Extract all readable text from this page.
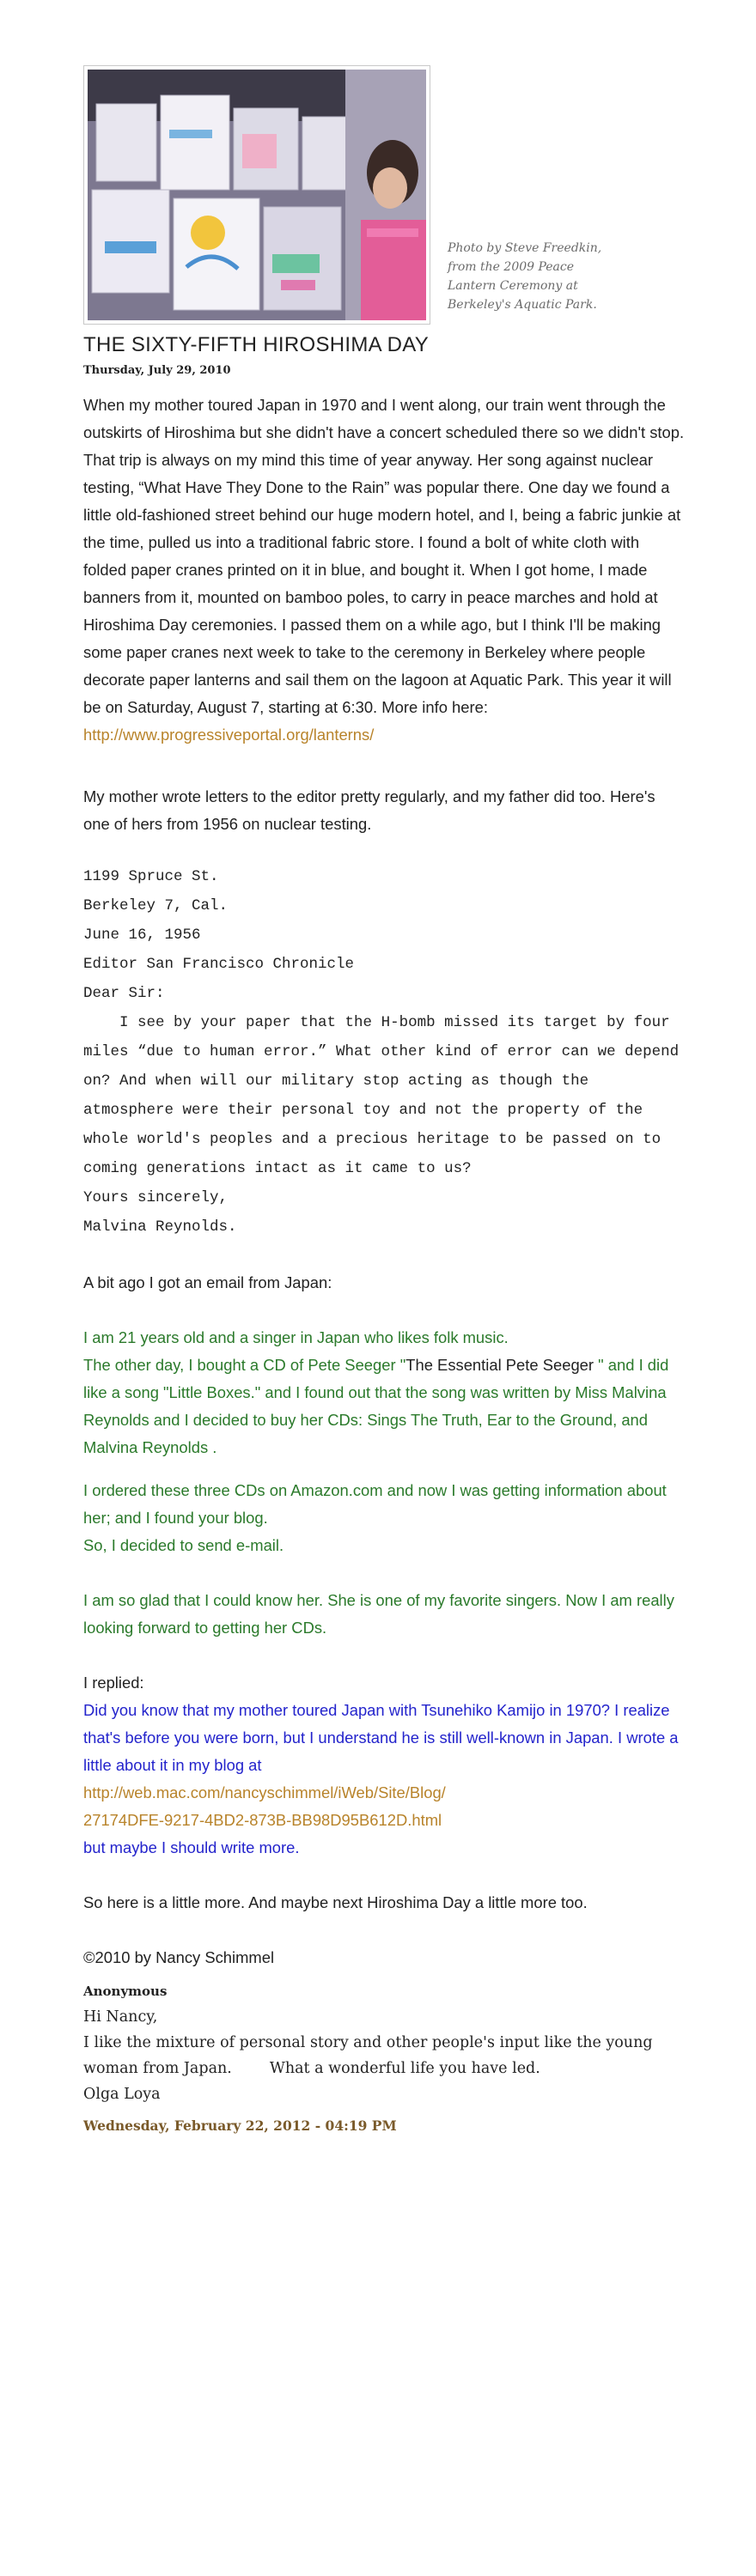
Photo by Steve Freedkin,
from the 2009 Peace
Lantern Ceremony at
Berkeley's Aquatic Park.
THE SIXTY-FIFTH HIROSHIMA DAY
Thursday, July 29, 2010

When my mother toured Japan in 1970 and I went along, our train went through the outskirts of Hiroshima but she didn't have a concert scheduled there so we didn't stop. That trip is always on my mind this time of year anyway. Her song against nuclear testing, “What Have They Done to the Rain” was popular there. One day we found a little old-fashioned street behind our huge modern hotel, and I, being a fabric junkie at the time, pulled us into a traditional fabric store. I found a bolt of white cloth with folded paper cranes printed on it in blue, and bought it. When I got home, I made banners from it, mounted on bamboo poles, to carry in peace marches and hold at Hiroshima Day ceremonies. I passed them on a while ago, but I think I'll be making some paper cranes next week to take to the ceremony in Berkeley where people decorate paper lanterns and sail them on the lagoon at Aquatic Park. This year it will be on Saturday, August 7, starting at 6:30. More info here: http://www.progressiveportal.org/lanterns/

My mother wrote letters to the editor pretty regularly, and my father did too. Here's one of hers from 1956 on nuclear testing.

1199 Spruce St.
Berkeley 7, Cal.
June 16, 1956
Editor San Francisco Chronicle
Dear Sir:
I see by your paper that the H-bomb missed its target by four miles “due to human error.” What other kind of error can we depend on? And when will our military stop acting as though the atmosphere were their personal toy and not the property of the whole world's peoples and a precious heritage to be passed on to coming generations intact as it came to us?
Yours sincerely,
Malvina Reynolds.

A bit ago I got an email from Japan:

I am 21 years old and a singer in Japan who likes folk music.

The other day, I bought a CD of Pete Seeger "The Essential Pete Seeger " and I did like a song "Little Boxes." and I found out that the song was written by Miss Malvina Reynolds and I decided to buy her CDs: Sings The Truth, Ear to the Ground, and Malvina Reynolds .

I ordered these three CDs on Amazon.com and now I was getting information about her; and I found your blog.

So, I decided to send e-mail.

I am so glad that I could know her. She is one of my favorite singers. Now I am really looking forward to getting her CDs.

I replied:

Did you know that my mother toured Japan with Tsunehiko Kamijo in 1970? I realize that's before you were born, but I understand he is still well-known in Japan. I wrote a little about it in my blog at

http://web.mac.com/nancyschimmel/iWeb/Site/Blog/

27174DFE-9217-4BD2-873B-BB98D95B612D.html

but maybe I should write more.

So here is a little more. And maybe next Hiroshima Day a little more too.

©2010 by Nancy Schimmel

Anonymous
Hi Nancy,
I like the mixture of personal story and other people's input like the young woman from Japan.	What a wonderful life you have led.
Olga Loya
Wednesday, February 22, 2012 - 04:19 PM
